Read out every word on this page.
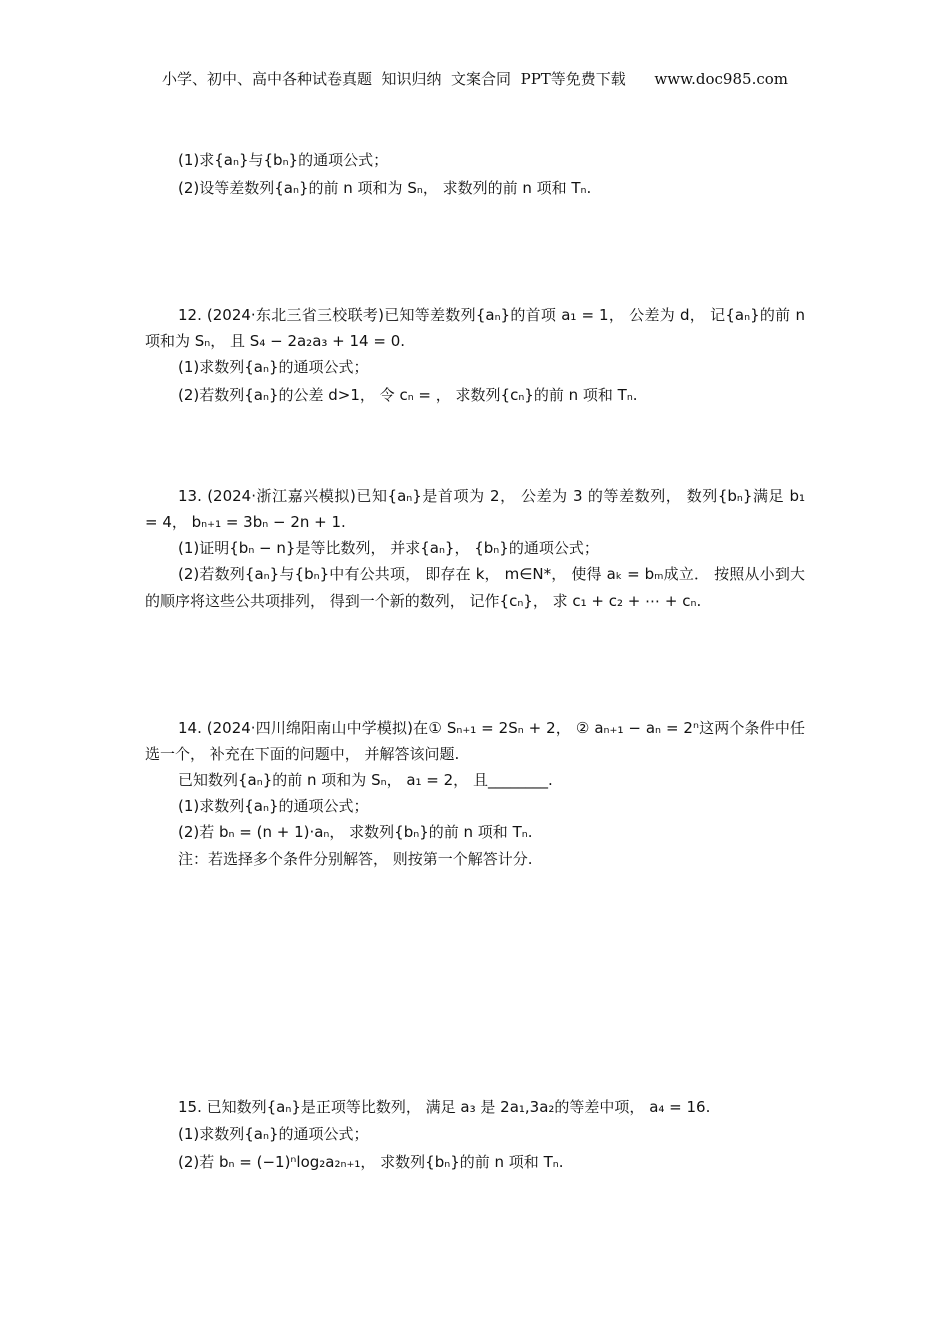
小学、初中、高中各种试卷真题  知识归纳  文案合同  PPT等免费下载      www.doc985.com
(1)求{aₙ}与{bₙ}的通项公式；
(2)设等差数列{aₙ}的前 n 项和为 Sₙ， 求数列的前 n 项和 Tₙ.
12. (2024·东北三省三校联考)已知等差数列{aₙ}的首项 a₁ = 1， 公差为 d， 记{aₙ}的前 n
项和为 Sₙ， 且 S₄ − 2a₂a₃ + 14 = 0.
(1)求数列{aₙ}的通项公式；
(2)若数列{aₙ}的公差 d>1， 令 cₙ = ， 求数列{cₙ}的前 n 项和 Tₙ.
13. (2024·浙江嘉兴模拟)已知{aₙ}是首项为 2， 公差为 3 的等差数列， 数列{bₙ}满足 b₁
= 4， bₙ₊₁ = 3bₙ − 2n + 1.
(1)证明{bₙ − n}是等比数列， 并求{aₙ}， {bₙ}的通项公式；
(2)若数列{aₙ}与{bₙ}中有公共项， 即存在 k， m∈N*， 使得 aₖ = bₘ成立． 按照从小到大
的顺序将这些公共项排列， 得到一个新的数列， 记作{cₙ}， 求 c₁ + c₂ + ⋯ + cₙ.
14. (2024·四川绵阳南山中学模拟)在① Sₙ₊₁ = 2Sₙ + 2， ② aₙ₊₁ − aₙ = 2ⁿ这两个条件中任
选一个， 补充在下面的问题中， 并解答该问题.
已知数列{aₙ}的前 n 项和为 Sₙ， a₁ = 2， 且________.
(1)求数列{aₙ}的通项公式；
(2)若 bₙ = (n + 1)·aₙ， 求数列{bₙ}的前 n 项和 Tₙ.
注：若选择多个条件分别解答， 则按第一个解答计分.
15. 已知数列{aₙ}是正项等比数列， 满足 a₃ 是 2a₁,3a₂的等差中项， a₄ = 16.
(1)求数列{aₙ}的通项公式；
(2)若 bₙ = (−1)ⁿlog₂a₂ₙ₊₁， 求数列{bₙ}的前 n 项和 Tₙ.
